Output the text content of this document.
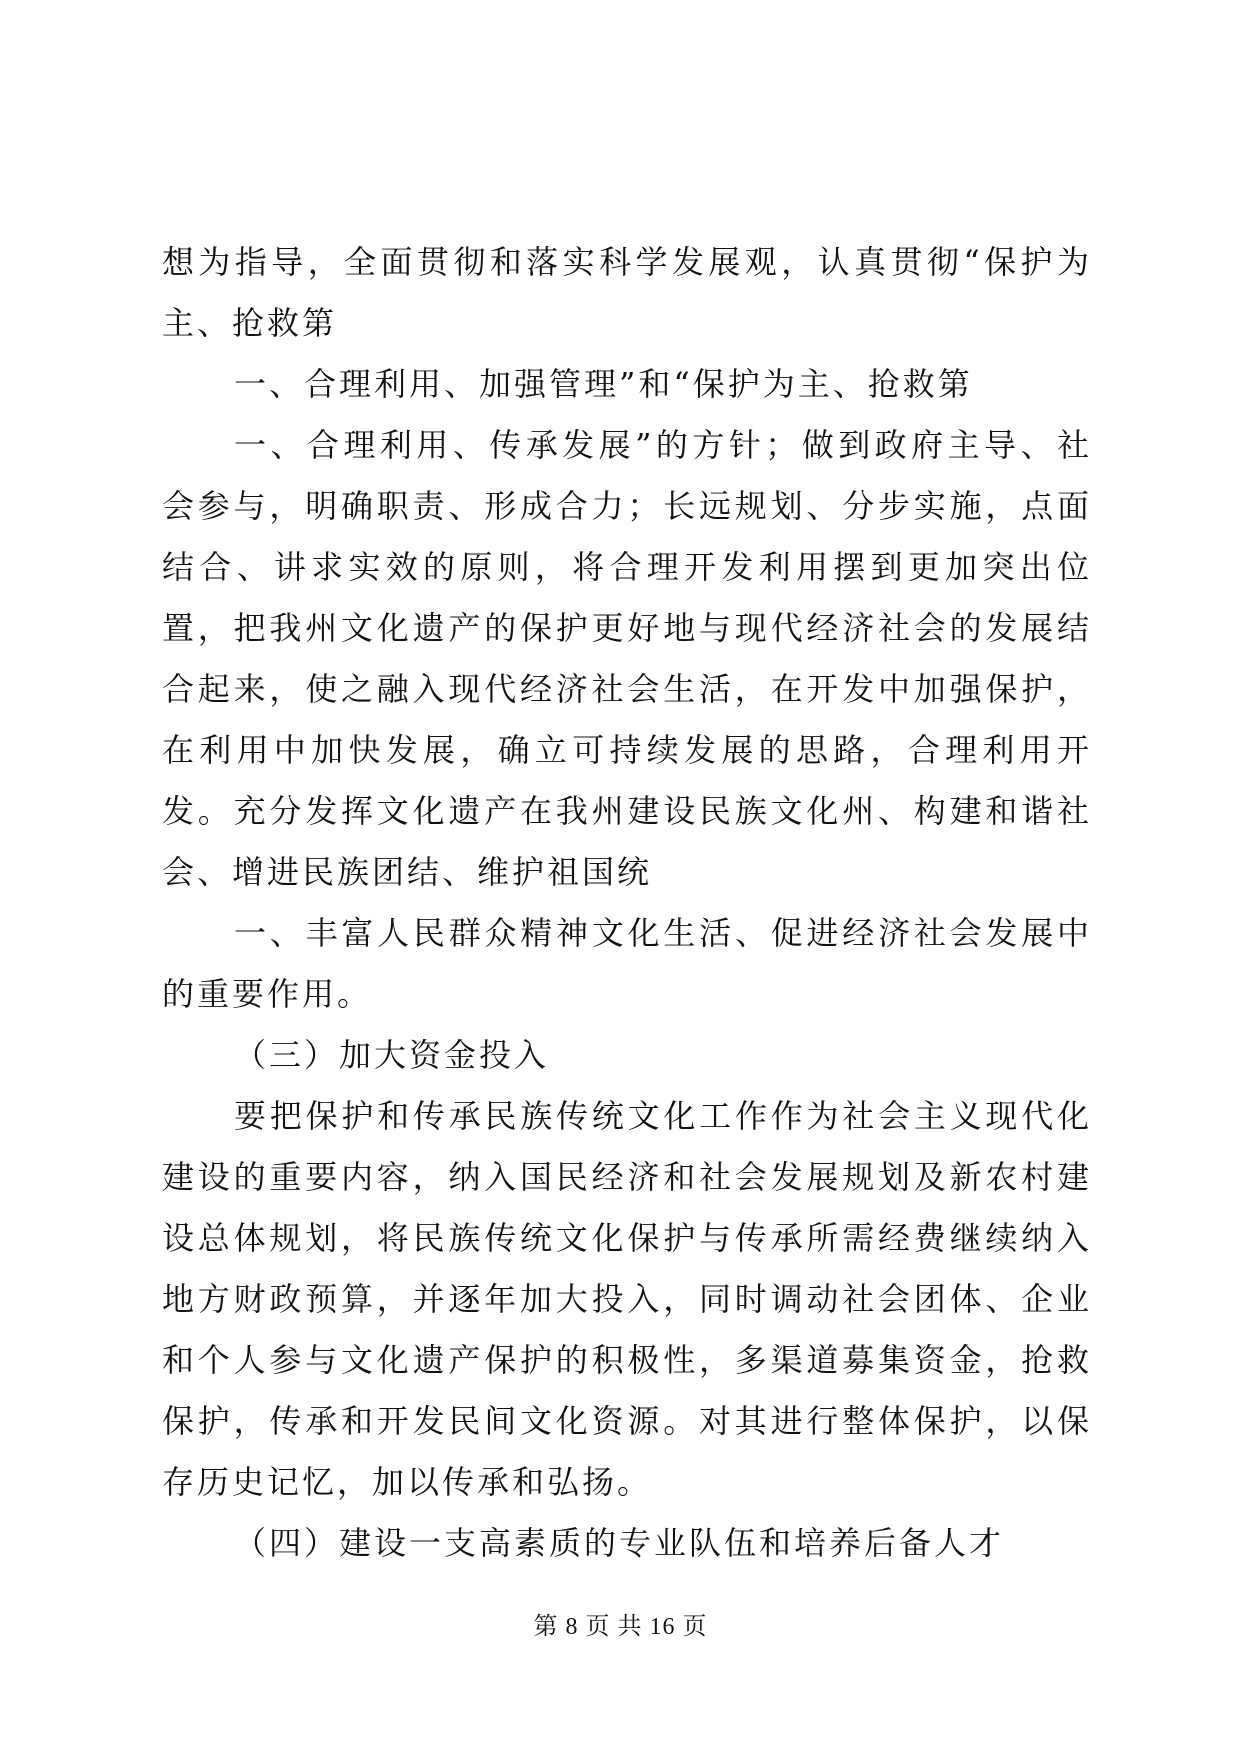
想为指导，全面贯彻和落实科学发展观，认真贯彻“保护为主、抢救第

一、合理利用、加强管理”和“保护为主、抢救第

一、合理利用、传承发展”的方针；做到政府主导、社会参与，明确职责、形成合力；长远规划、分步实施，点面结合、讲求实效的原则，将合理开发利用摆到更加突出位置，把我州文化遗产的保护更好地与现代经济社会的发展结合起来，使之融入现代经济社会生活，在开发中加强保护，在利用中加快发展，确立可持续发展的思路，合理利用开发。充分发挥文化遗产在我州建设民族文化州、构建和谐社会、增进民族团结、维护祖国统

一、丰富人民群众精神文化生活、促进经济社会发展中的重要作用。

（三）加大资金投入

要把保护和传承民族传统文化工作作为社会主义现代化建设的重要内容，纳入国民经济和社会发展规划及新农村建设总体规划，将民族传统文化保护与传承所需经费继续纳入地方财政预算，并逐年加大投入，同时调动社会团体、企业和个人参与文化遗产保护的积极性，多渠道募集资金，抢救保护，传承和开发民间文化资源。对其进行整体保护，以保存历史记忆，加以传承和弘扬。

（四）建设一支高素质的专业队伍和培养后备人才

第 8 页 共 16 页
